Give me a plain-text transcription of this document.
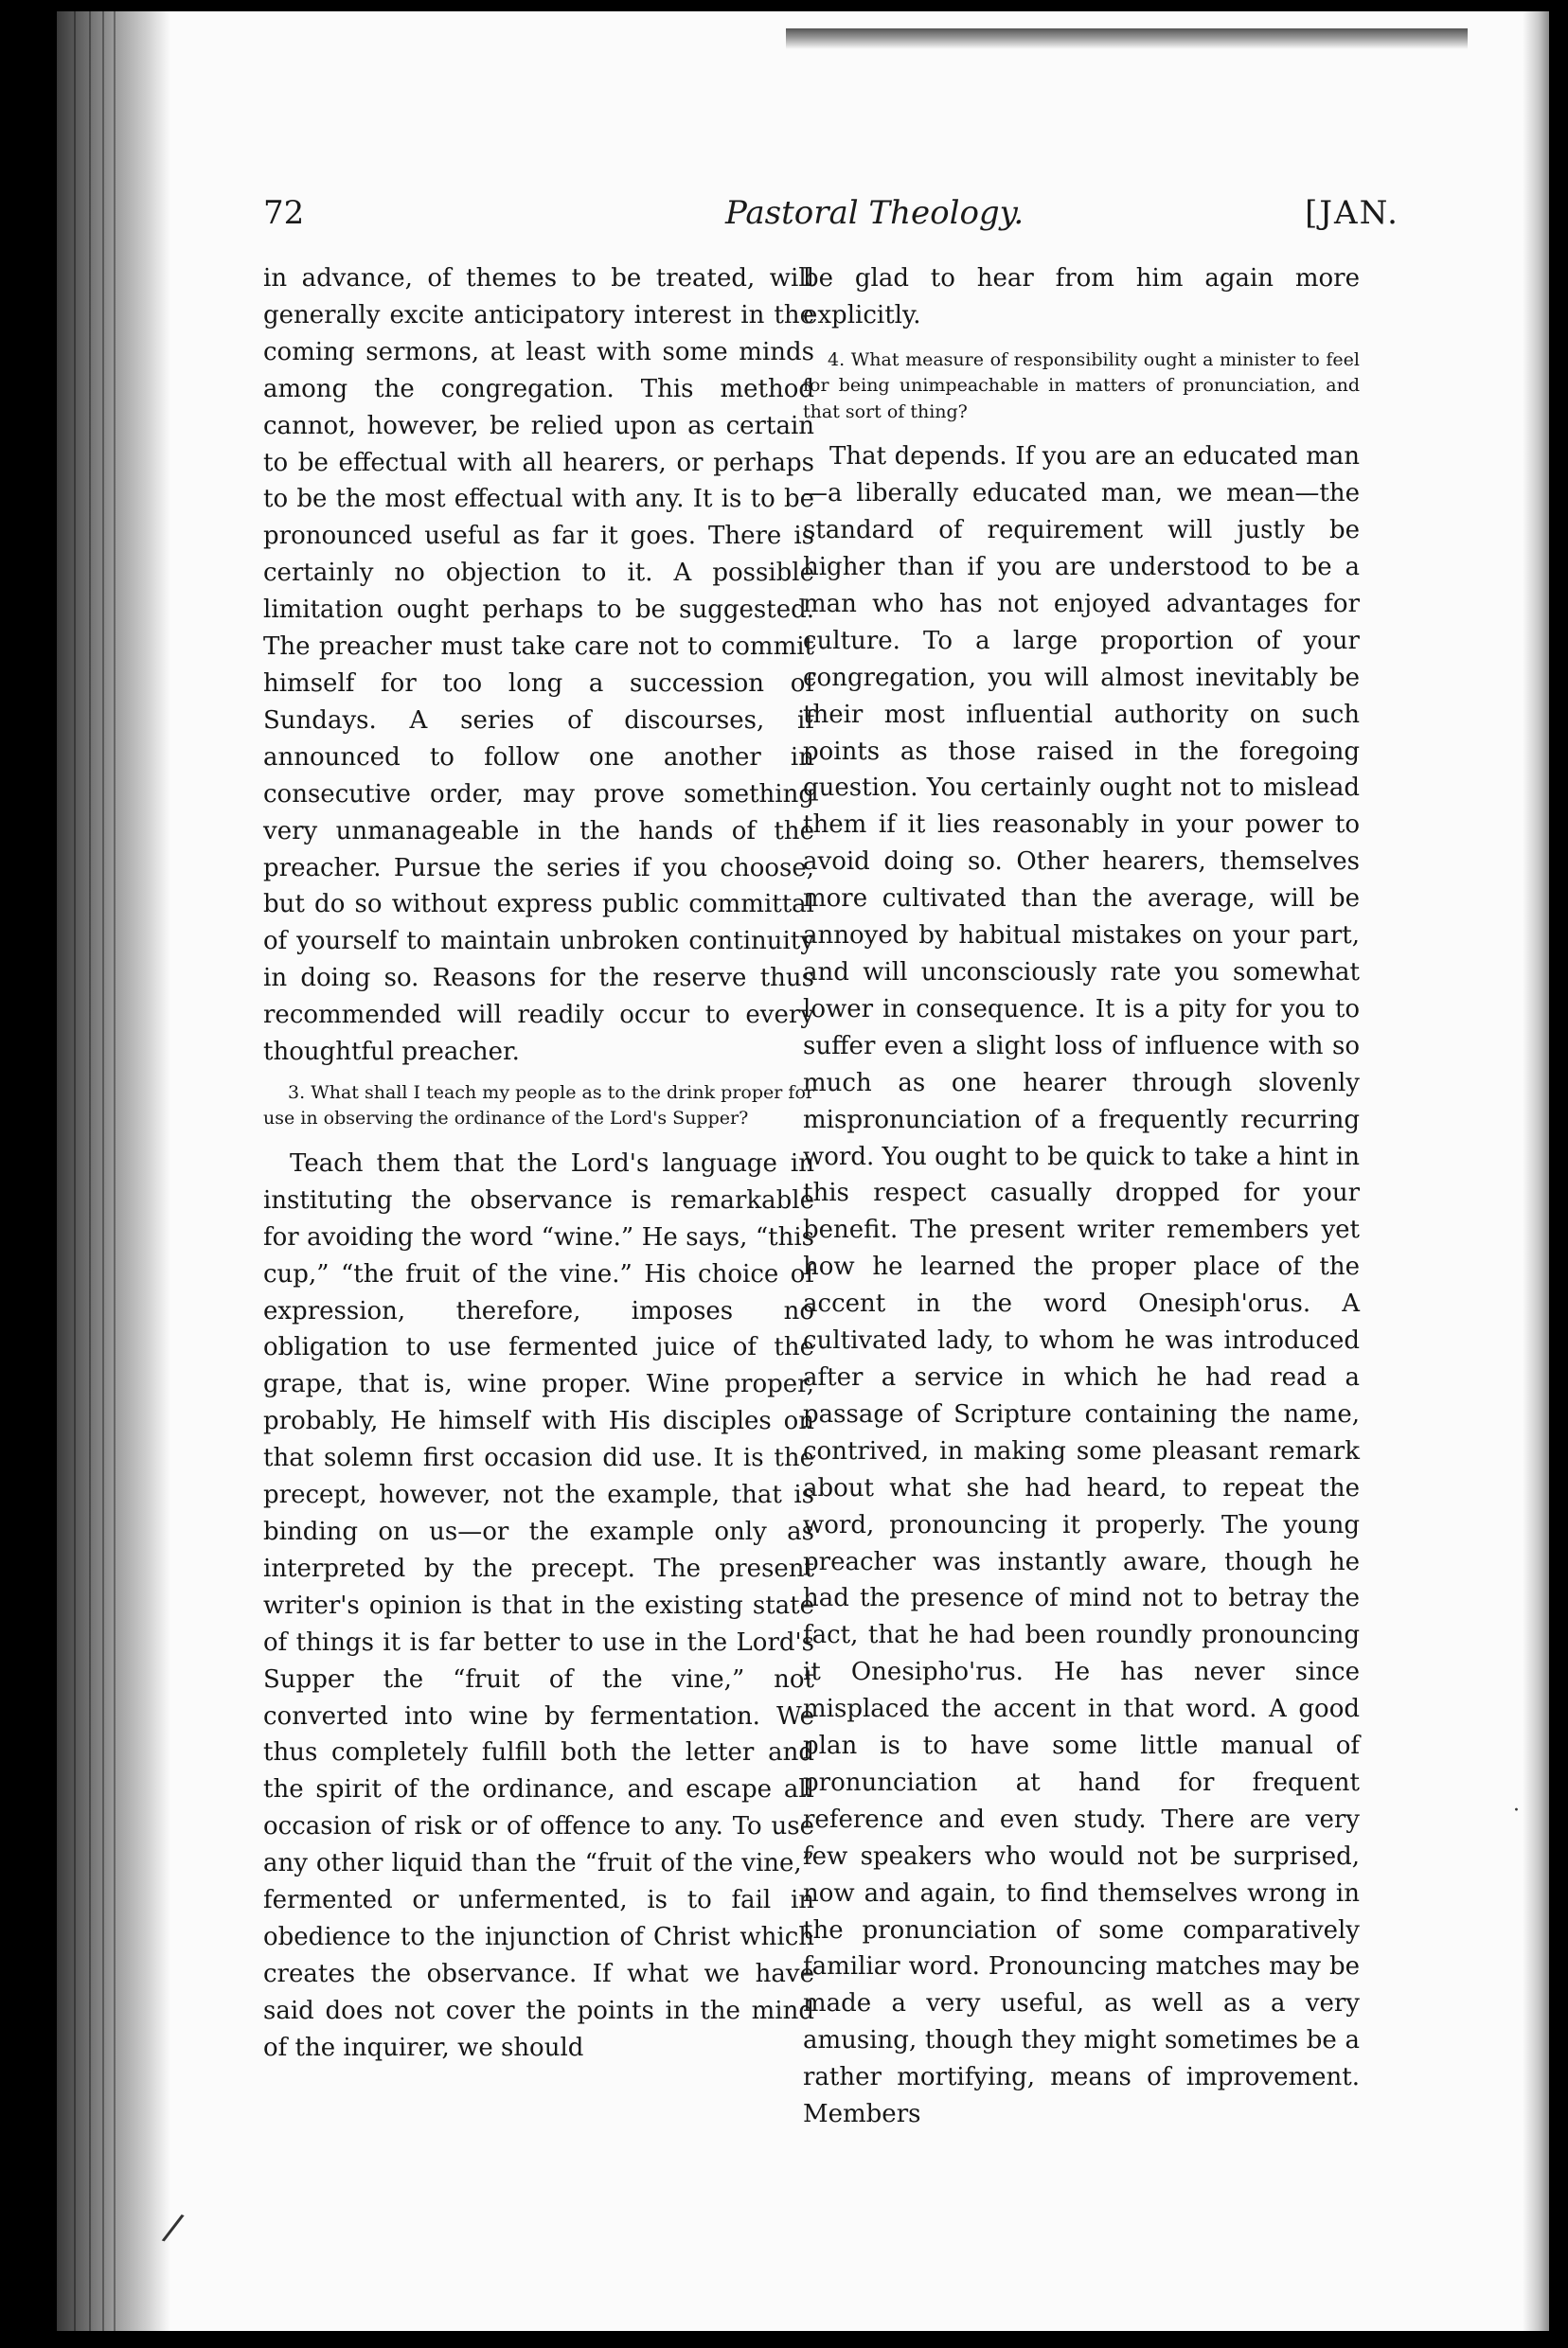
72	Pastoral Theology.	[JAN.

in advance, of themes to be treated, will generally excite anticipatory interest in the coming sermons, at least with some minds among the congregation. This method cannot, however, be relied upon as certain to be effectual with all hearers, or perhaps to be the most effectual with any. It is to be pronounced useful as far it goes. There is certainly no objection to it. A possible limitation ought perhaps to be suggested. The preacher must take care not to commit himself for too long a succession of Sundays. A series of discourses, if announced to follow one another in consecutive order, may prove something very unmanageable in the hands of the preacher. Pursue the series if you choose, but do so without express public committal of yourself to maintain unbroken continuity in doing so. Reasons for the reserve thus recommended will readily occur to every thoughtful preacher.

3. What shall I teach my people as to the drink proper for use in observing the ordinance of the Lord's Supper?

Teach them that the Lord's language in instituting the observance is remarkable for avoiding the word “wine.” He says, “this cup,” “the fruit of the vine.” His choice of expression, therefore, imposes no obligation to use fermented juice of the grape, that is, wine proper. Wine proper, probably, He himself with His disciples on that solemn first occasion did use. It is the precept, however, not the example, that is binding on us—or the example only as interpreted by the precept. The present writer's opinion is that in the existing state of things it is far better to use in the Lord's Supper the “fruit of the vine,” not converted into wine by fermentation. We thus completely fulfill both the letter and the spirit of the ordinance, and escape all occasion of risk or of offence to any. To use any other liquid than the “fruit of the vine,” fermented or unfermented, is to fail in obedience to the injunction of Christ which creates the observance. If what we have said does not cover the points in the mind of the inquirer, we should

be glad to hear from him again more explicitly.

4. What measure of responsibility ought a minister to feel for being unimpeachable in matters of pronunciation, and that sort of thing?

That depends. If you are an educated man—a liberally educated man, we mean—the standard of requirement will justly be higher than if you are understood to be a man who has not enjoyed advantages for culture. To a large proportion of your congregation, you will almost inevitably be their most influential authority on such points as those raised in the foregoing question. You certainly ought not to mislead them if it lies reasonably in your power to avoid doing so. Other hearers, themselves more cultivated than the average, will be annoyed by habitual mistakes on your part, and will unconsciously rate you somewhat lower in consequence. It is a pity for you to suffer even a slight loss of influence with so much as one hearer through slovenly mispronunciation of a frequently recurring word. You ought to be quick to take a hint in this respect casually dropped for your benefit. The present writer remembers yet how he learned the proper place of the accent in the word Onesiph'orus. A cultivated lady, to whom he was introduced after a service in which he had read a passage of Scripture containing the name, contrived, in making some pleasant remark about what she had heard, to repeat the word, pronouncing it properly. The young preacher was instantly aware, though he had the presence of mind not to betray the fact, that he had been roundly pronouncing it Onesipho'rus. He has never since misplaced the accent in that word. A good plan is to have some little manual of pronunciation at hand for frequent reference and even study. There are very few speakers who would not be surprised, now and again, to find themselves wrong in the pronunciation of some comparatively familiar word. Pronouncing matches may be made a very useful, as well as a very amusing, though they might sometimes be a rather mortifying, means of improvement. Members

/
·
